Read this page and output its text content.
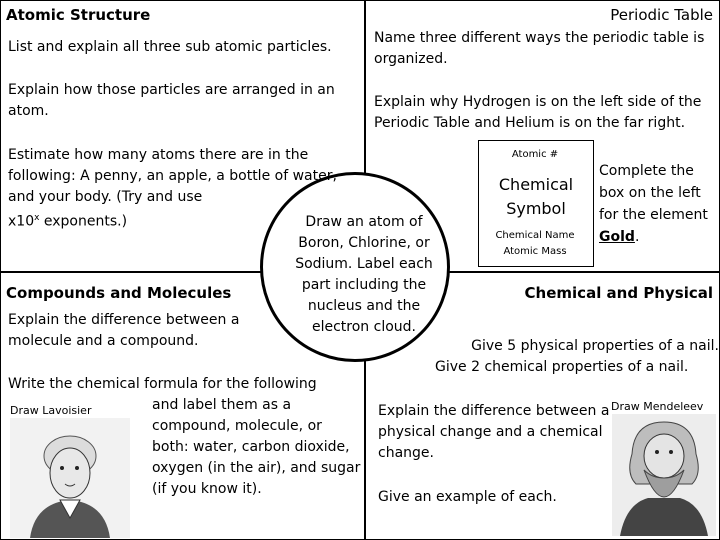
Atomic Structure
List and explain all three sub atomic particles.
Explain how those particles are arranged in an atom.
Estimate how many atoms there are in the following: A penny, an apple, a bottle of water, and your body. (Try and use
x10$^x$ exponents.)
Periodic Table
Name three different ways the periodic table is organized.
Explain why Hydrogen is on the left side of the Periodic Table and Helium is on the far right.
Atomic #
Chemical Symbol
Chemical Name
Atomic Mass
Complete the box on the left for the element Gold.
Draw an atom of Boron, Chlorine, or Sodium. Label each part including the nucleus and the electron cloud.
Compounds and Molecules
Explain the difference between a molecule and a compound.
Write the chemical formula for the following
and label them as a compound, molecule, or both: water, carbon dioxide, oxygen (in the air), and sugar (if you know it).
Draw Lavoisier
Chemical and Physical
Give 5 physical properties of a nail.
Give 2 chemical properties of a nail.
Explain the difference between a physical change and a chemical change.
Give an example of each.
Draw Mendeleev
